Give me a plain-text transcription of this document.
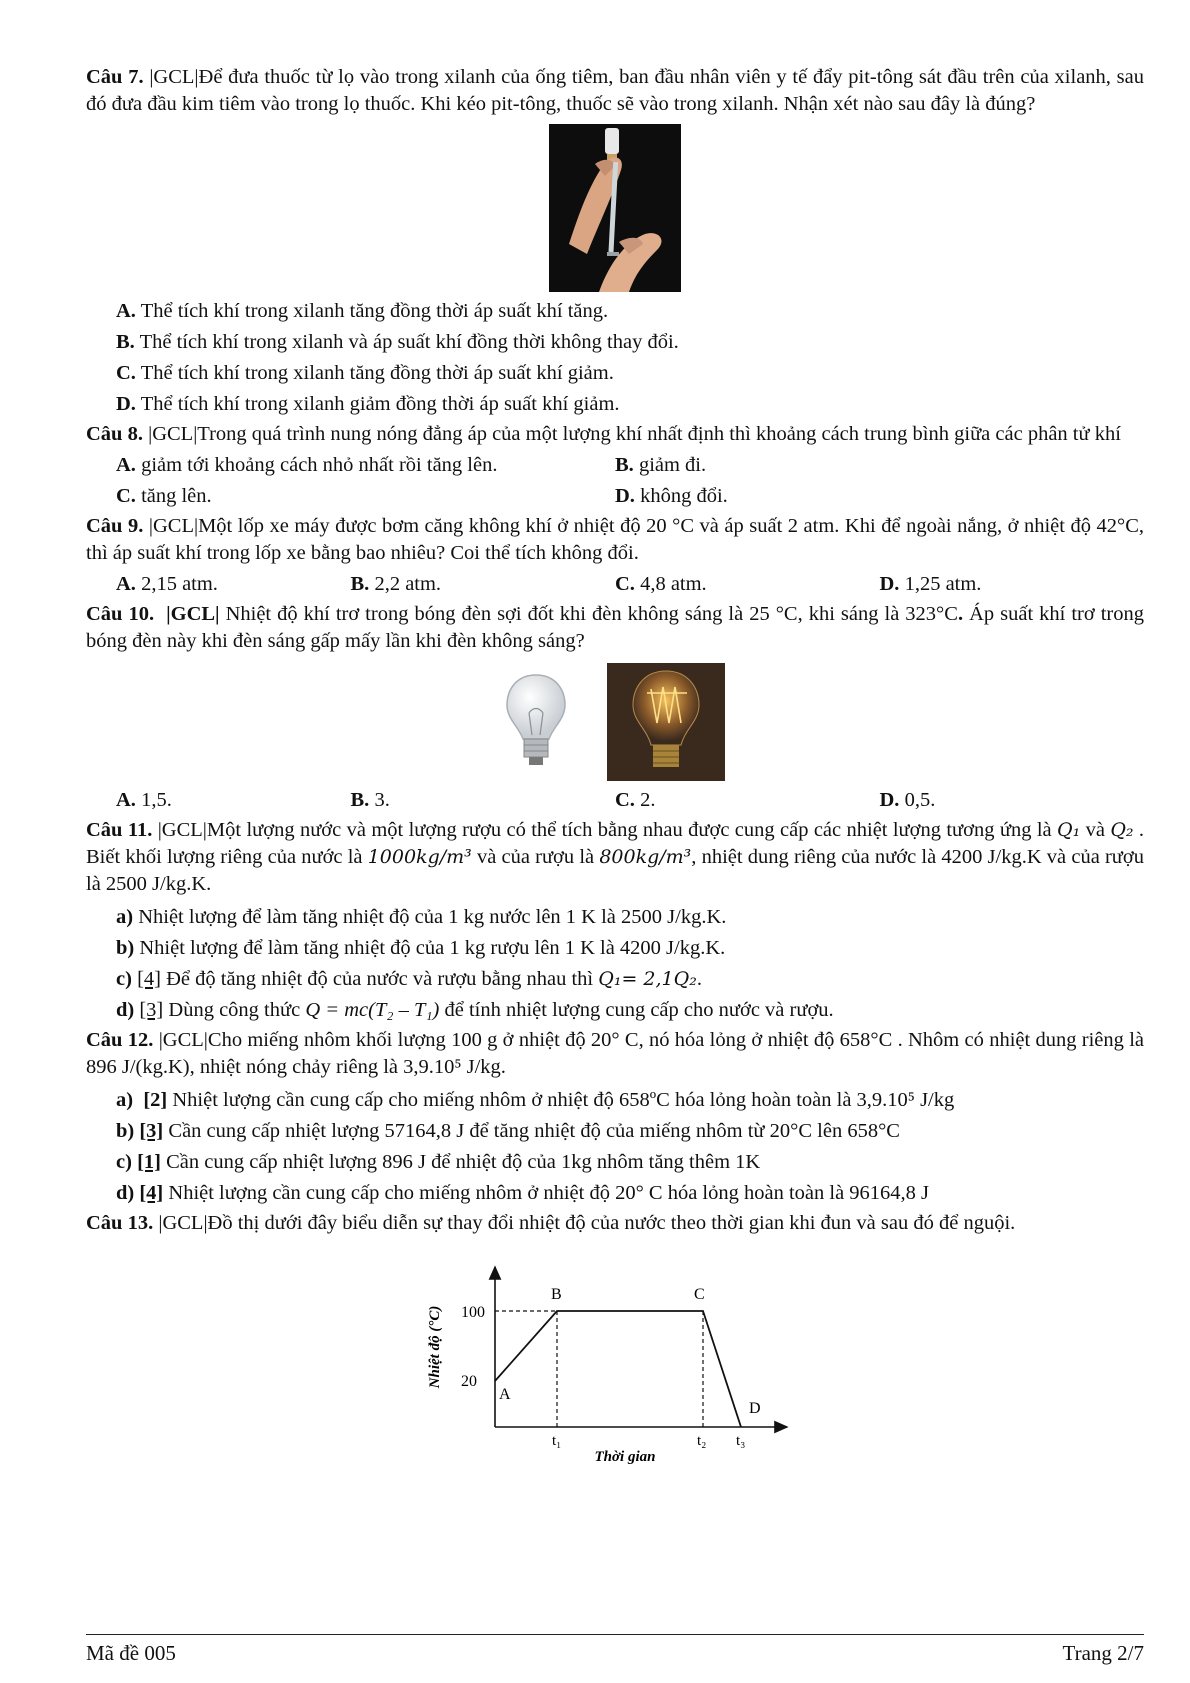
Câu 7. |GCL|Để đưa thuốc từ lọ vào trong xilanh của ống tiêm, ban đầu nhân viên y tế đẩy pit-tông sát đầu trên của xilanh, sau đó đưa đầu kim tiêm vào trong lọ thuốc. Khi kéo pit-tông, thuốc sẽ vào trong xilanh. Nhận xét nào sau đây là đúng?

A. Thể tích khí trong xilanh tăng đồng thời áp suất khí tăng.
B. Thể tích khí trong xilanh và áp suất khí đồng thời không thay đổi.
C. Thể tích khí trong xilanh tăng đồng thời áp suất khí giảm.
D. Thể tích khí trong xilanh giảm đồng thời áp suất khí giảm.

Câu 8. |GCL|Trong quá trình nung nóng đẳng áp của một lượng khí nhất định thì khoảng cách trung bình giữa các phân tử khí

A. giảm tới khoảng cách nhỏ nhất rồi tăng lên.	B. giảm đi.
C. tăng lên.	D. không đổi.

Câu 9. |GCL|Một lốp xe máy được bơm căng không khí ở nhiệt độ 20 °C và áp suất 2 atm. Khi để ngoài nắng, ở nhiệt độ 42°C, thì áp suất khí trong lốp xe bằng bao nhiêu? Coi thể tích không đổi.

A. 2,15 atm.	B. 2,2 atm.	C. 4,8 atm.	D. 1,25 atm.

Câu 10. |GCL| Nhiệt độ khí trơ trong bóng đèn sợi đốt khi đèn không sáng là 25 °C, khi sáng là 323°C. Áp suất khí trơ trong bóng đèn này khi đèn sáng gấp mấy lần khi đèn không sáng?

A. 1,5.	B. 3.	C. 2.	D. 0,5.

Câu 11. |GCL|Một lượng nước và một lượng rượu có thể tích bằng nhau được cung cấp các nhiệt lượng tương ứng là Q₁ và Q₂ . Biết khối lượng riêng của nước là 1000kg/m³ và của rượu là 800kg/m³, nhiệt dung riêng của nước là 4200 J/kg.K và của rượu là 2500 J/kg.K.

a) Nhiệt lượng để làm tăng nhiệt độ của 1 kg nước lên 1 K là 2500 J/kg.K.
b) Nhiệt lượng để làm tăng nhiệt độ của 1 kg rượu lên 1 K là 4200 J/kg.K.
c) [4] Để độ tăng nhiệt độ của nước và rượu bằng nhau thì Q₁= 2,1Q₂.
d) [3] Dùng công thức Q = mc(T₂ – T₁) để tính nhiệt lượng cung cấp cho nước và rượu.

Câu 12. |GCL|Cho miếng nhôm khối lượng 100 g ở nhiệt độ 20° C, nó hóa lỏng ở nhiệt độ 658°C . Nhôm có nhiệt dung riêng là 896 J/(kg.K), nhiệt nóng chảy riêng là 3,9.10⁵ J/kg.

a) [2] Nhiệt lượng cần cung cấp cho miếng nhôm ở nhiệt độ 658ºC hóa lỏng hoàn toàn là 3,9.10⁵ J/kg
b) [3] Cần cung cấp nhiệt lượng 57164,8 J để tăng nhiệt độ của miếng nhôm từ 20°C lên 658°C
c) [1] Cần cung cấp nhiệt lượng 896 J để nhiệt độ của 1kg nhôm tăng thêm 1K
d) [4] Nhiệt lượng cần cung cấp cho miếng nhôm ở nhiệt độ 20° C hóa lỏng hoàn toàn là 96164,8 J

Câu 13. |GCL|Đồ thị dưới đây biểu diễn sự thay đổi nhiệt độ của nước theo thời gian khi đun và sau đó để nguội.

Nhiệt độ (°C)
Thời gian
100
20
A
B	C
D
t₁	t₂ t₃
Mã đề 005	Trang 2/7
